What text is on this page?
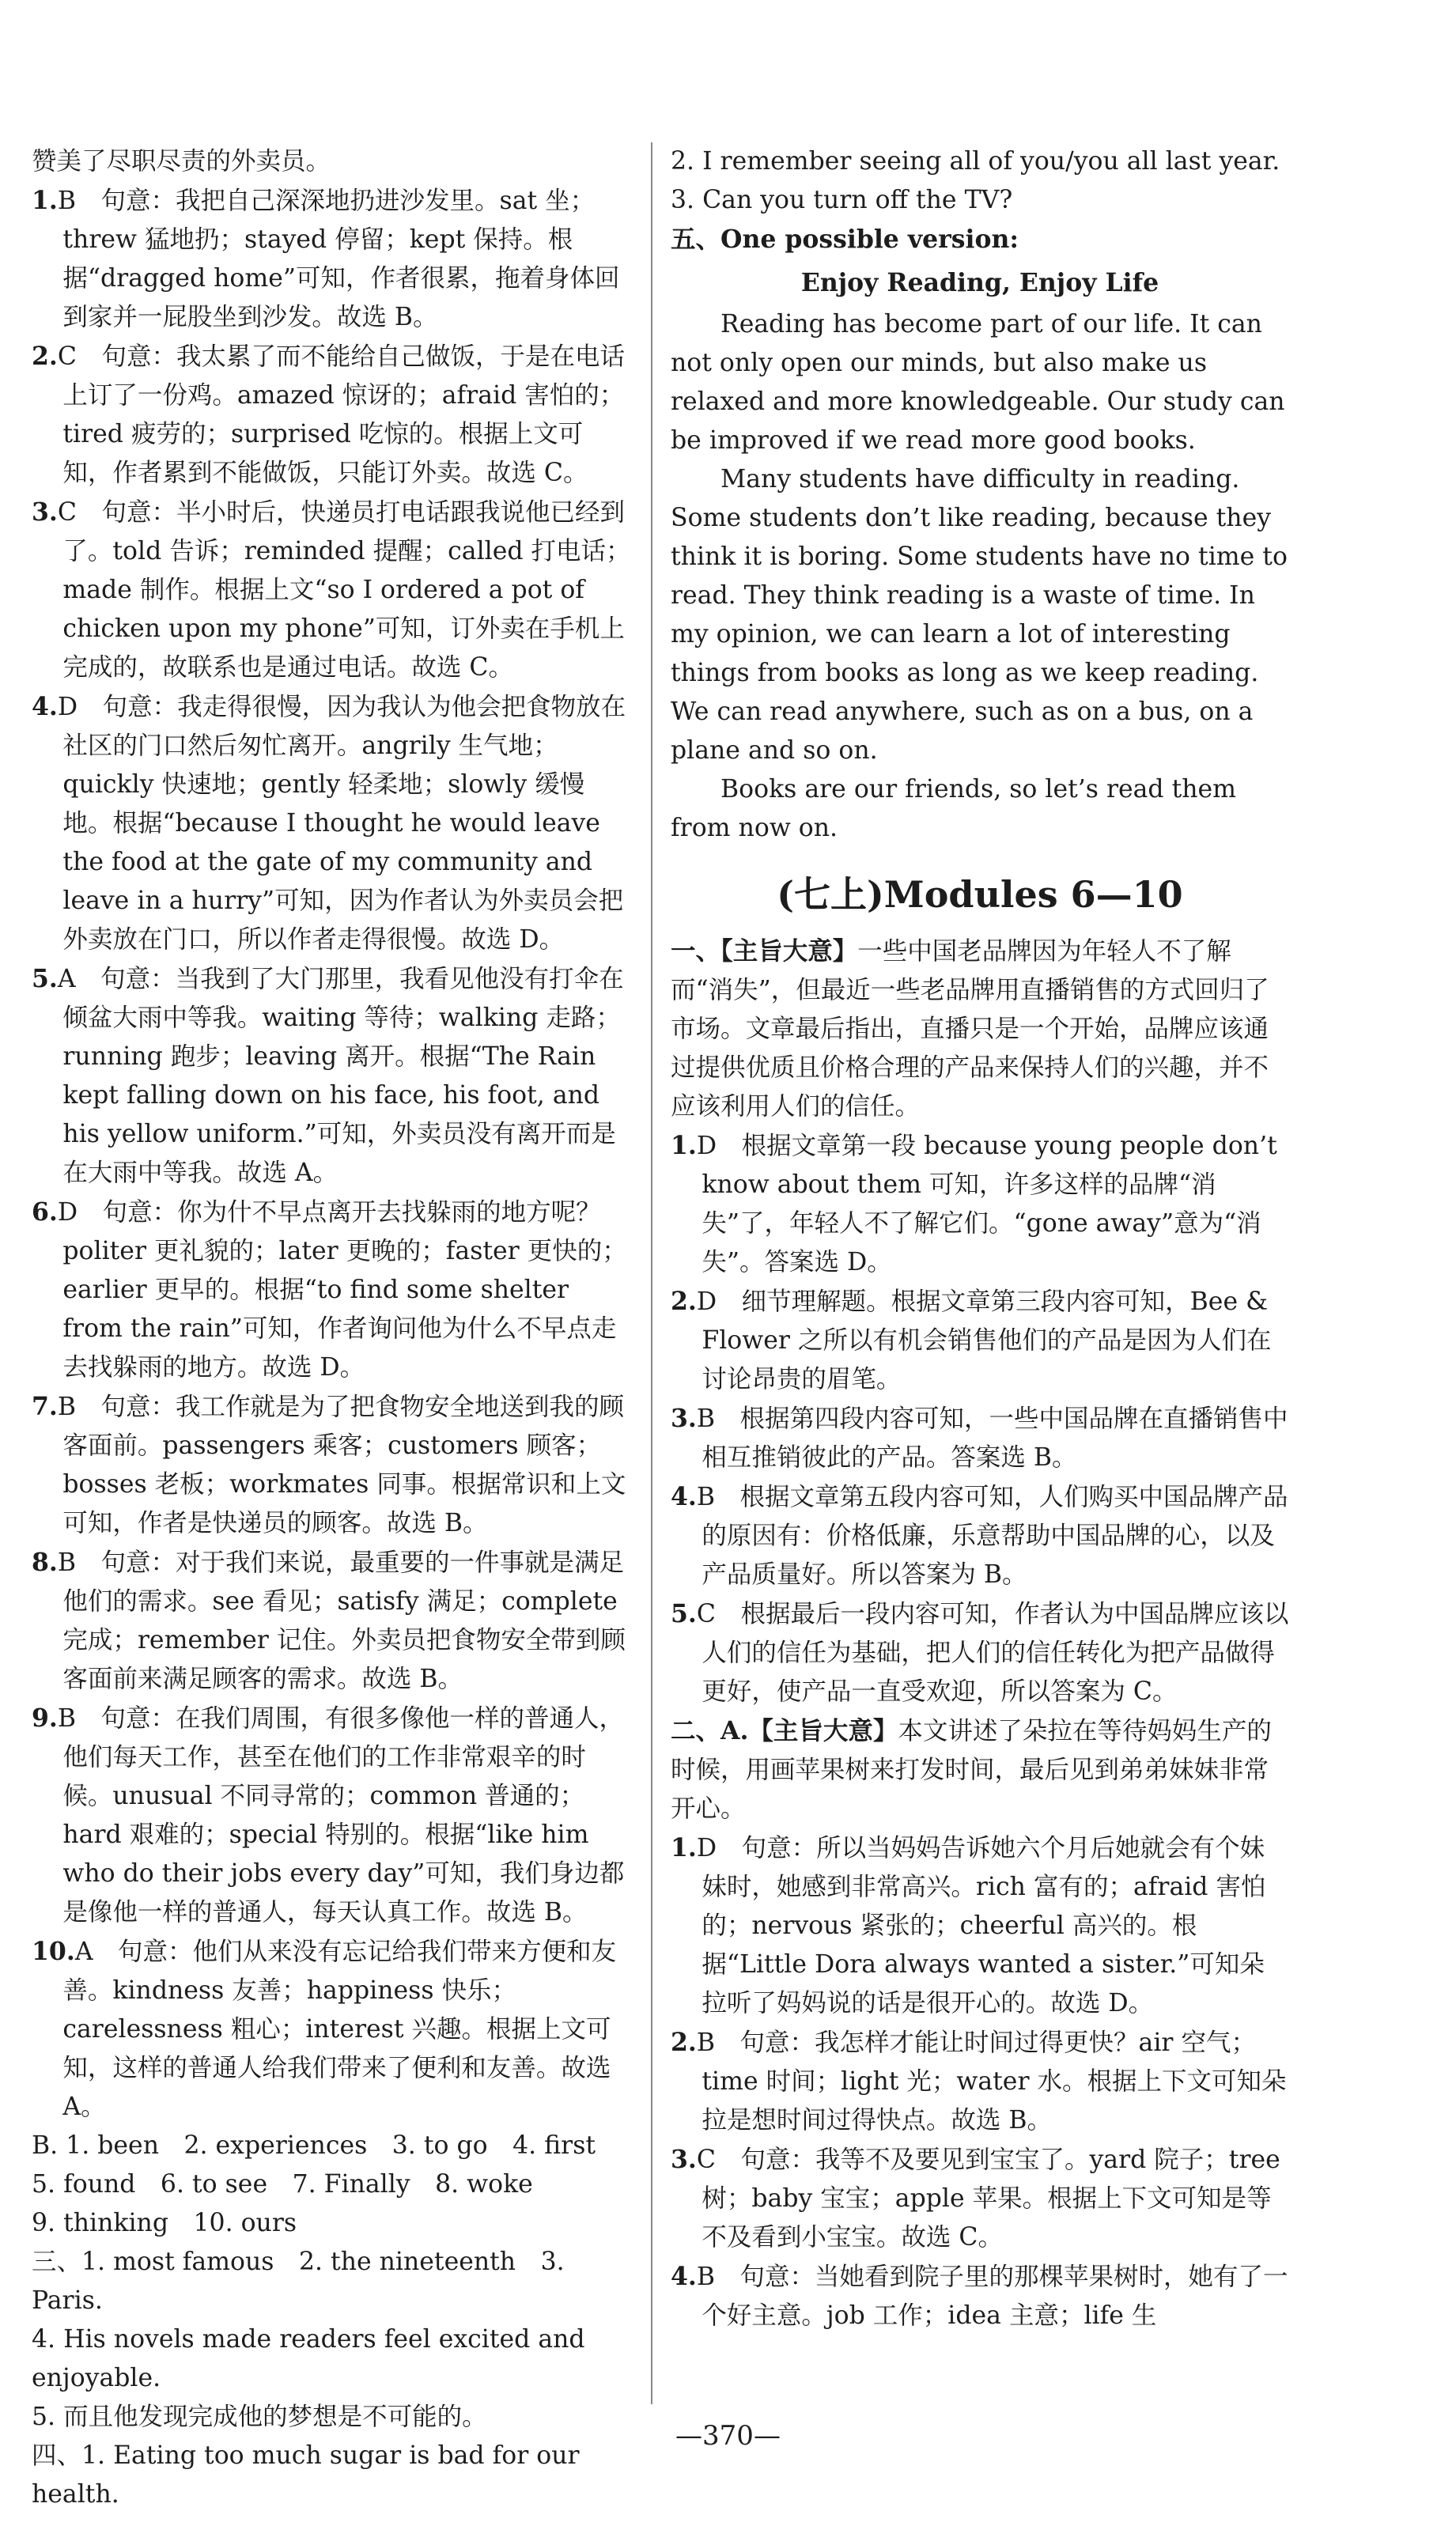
赞美了尽职尽责的外卖员。

1.B　句意：我把自己深深地扔进沙发里。sat 坐；threw 猛地扔；stayed 停留；kept 保持。根据“dragged home”可知，作者很累，拖着身体回到家并一屁股坐到沙发。故选 B。

2.C　句意：我太累了而不能给自己做饭，于是在电话上订了一份鸡。amazed 惊讶的；afraid 害怕的；tired 疲劳的；surprised 吃惊的。根据上文可知，作者累到不能做饭，只能订外卖。故选 C。

3.C　句意：半小时后，快递员打电话跟我说他已经到了。told 告诉；reminded 提醒；called 打电话；made 制作。根据上文“so I ordered a pot of chicken upon my phone”可知，订外卖在手机上完成的，故联系也是通过电话。故选 C。

4.D　句意：我走得很慢，因为我认为他会把食物放在社区的门口然后匆忙离开。angrily 生气地；quickly 快速地；gently 轻柔地；slowly 缓慢地。根据“because I thought he would leave the food at the gate of my community and leave in a hurry”可知，因为作者认为外卖员会把外卖放在门口，所以作者走得很慢。故选 D。

5.A　句意：当我到了大门那里，我看见他没有打伞在倾盆大雨中等我。waiting 等待；walking 走路；running 跑步；leaving 离开。根据“The Rain kept falling down on his face, his foot, and his yellow uniform.”可知，外卖员没有离开而是在大雨中等我。故选 A。

6.D　句意：你为什不早点离开去找躲雨的地方呢？politer 更礼貌的；later 更晚的；faster 更快的；earlier 更早的。根据“to find some shelter from the rain”可知，作者询问他为什么不早点走去找躲雨的地方。故选 D。

7.B　句意：我工作就是为了把食物安全地送到我的顾客面前。passengers 乘客；customers 顾客；bosses 老板；workmates 同事。根据常识和上文可知，作者是快递员的顾客。故选 B。

8.B　句意：对于我们来说，最重要的一件事就是满足他们的需求。see 看见；satisfy 满足；complete 完成；remember 记住。外卖员把食物安全带到顾客面前来满足顾客的需求。故选 B。

9.B　句意：在我们周围，有很多像他一样的普通人，他们每天工作，甚至在他们的工作非常艰辛的时候。unusual 不同寻常的；common 普通的；hard 艰难的；special 特别的。根据“like him who do their jobs every day”可知，我们身边都是像他一样的普通人，每天认真工作。故选 B。

10.A　句意：他们从来没有忘记给我们带来方便和友善。kindness 友善；happiness 快乐；carelessness 粗心；interest 兴趣。根据上文可知，这样的普通人给我们带来了便利和友善。故选 A。

B. 1. been　2. experiences　3. to go　4. first

5. found　6. to see　7. Finally　8. woke

9. thinking　10. ours

三、1. most famous　2. the nineteenth　3. Paris.

4. His novels made readers feel excited and enjoyable.

5. 而且他发现完成他的梦想是不可能的。

四、1. Eating too much sugar is bad for our health.

2. I remember seeing all of you/you all last year.

3. Can you turn off the TV?

五、One possible version:

Enjoy Reading, Enjoy Life

Reading has become part of our life. It can not only open our minds, but also make us relaxed and more knowledgeable. Our study can be improved if we read more good books.

Many students have difficulty in reading. Some students don’t like reading, because they think it is boring. Some students have no time to read. They think reading is a waste of time. In my opinion, we can learn a lot of interesting things from books as long as we keep reading. We can read anywhere, such as on a bus, on a plane and so on.

Books are our friends, so let’s read them from now on.

(七上)Modules 6—10

一、【主旨大意】一些中国老品牌因为年轻人不了解而“消失”，但最近一些老品牌用直播销售的方式回归了市场。文章最后指出，直播只是一个开始，品牌应该通过提供优质且价格合理的产品来保持人们的兴趣，并不应该利用人们的信任。

1.D　根据文章第一段 because young people don’t know about them 可知，许多这样的品牌“消失”了，年轻人不了解它们。“gone away”意为“消失”。答案选 D。

2.D　细节理解题。根据文章第三段内容可知，Bee & Flower 之所以有机会销售他们的产品是因为人们在讨论昂贵的眉笔。

3.B　根据第四段内容可知，一些中国品牌在直播销售中相互推销彼此的产品。答案选 B。

4.B　根据文章第五段内容可知，人们购买中国品牌产品的原因有：价格低廉，乐意帮助中国品牌的心，以及产品质量好。所以答案为 B。

5.C　根据最后一段内容可知，作者认为中国品牌应该以人们的信任为基础，把人们的信任转化为把产品做得更好，使产品一直受欢迎，所以答案为 C。

二、A.【主旨大意】本文讲述了朵拉在等待妈妈生产的时候，用画苹果树来打发时间，最后见到弟弟妹妹非常开心。

1.D　句意：所以当妈妈告诉她六个月后她就会有个妹妹时，她感到非常高兴。rich 富有的；afraid 害怕的；nervous 紧张的；cheerful 高兴的。根据“Little Dora always wanted a sister.”可知朵拉听了妈妈说的话是很开心的。故选 D。

2.B　句意：我怎样才能让时间过得更快？air 空气；time 时间；light 光；water 水。根据上下文可知朵拉是想时间过得快点。故选 B。

3.C　句意：我等不及要见到宝宝了。yard 院子；tree 树；baby 宝宝；apple 苹果。根据上下文可知是等不及看到小宝宝。故选 C。

4.B　句意：当她看到院子里的那棵苹果树时，她有了一个好主意。job 工作；idea 主意；life 生

—370—
